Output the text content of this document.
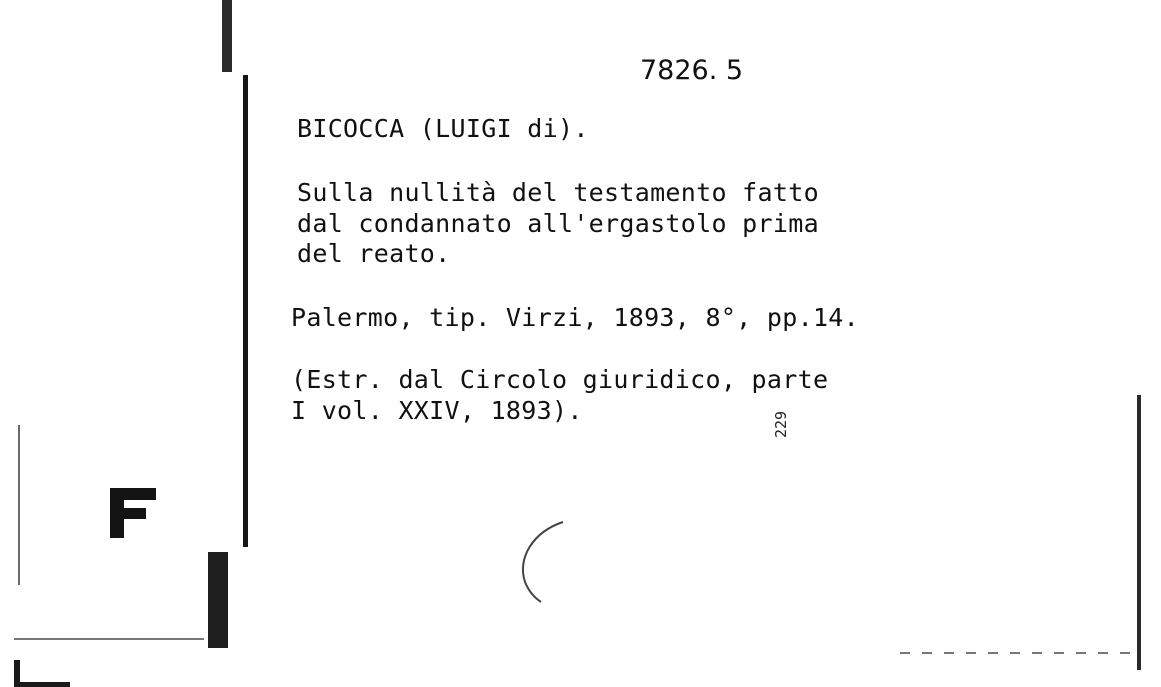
7826. 5
BICOCCA (LUIGI di).
Sulla nullità del testamento fatto
dal condannato all'ergastolo prima
del reato.
Palermo, tip. Virzi, 1893, 8°, pp.14.
(Estr. dal Circolo giuridico, parte
I vol. XXIV, 1893).	229
